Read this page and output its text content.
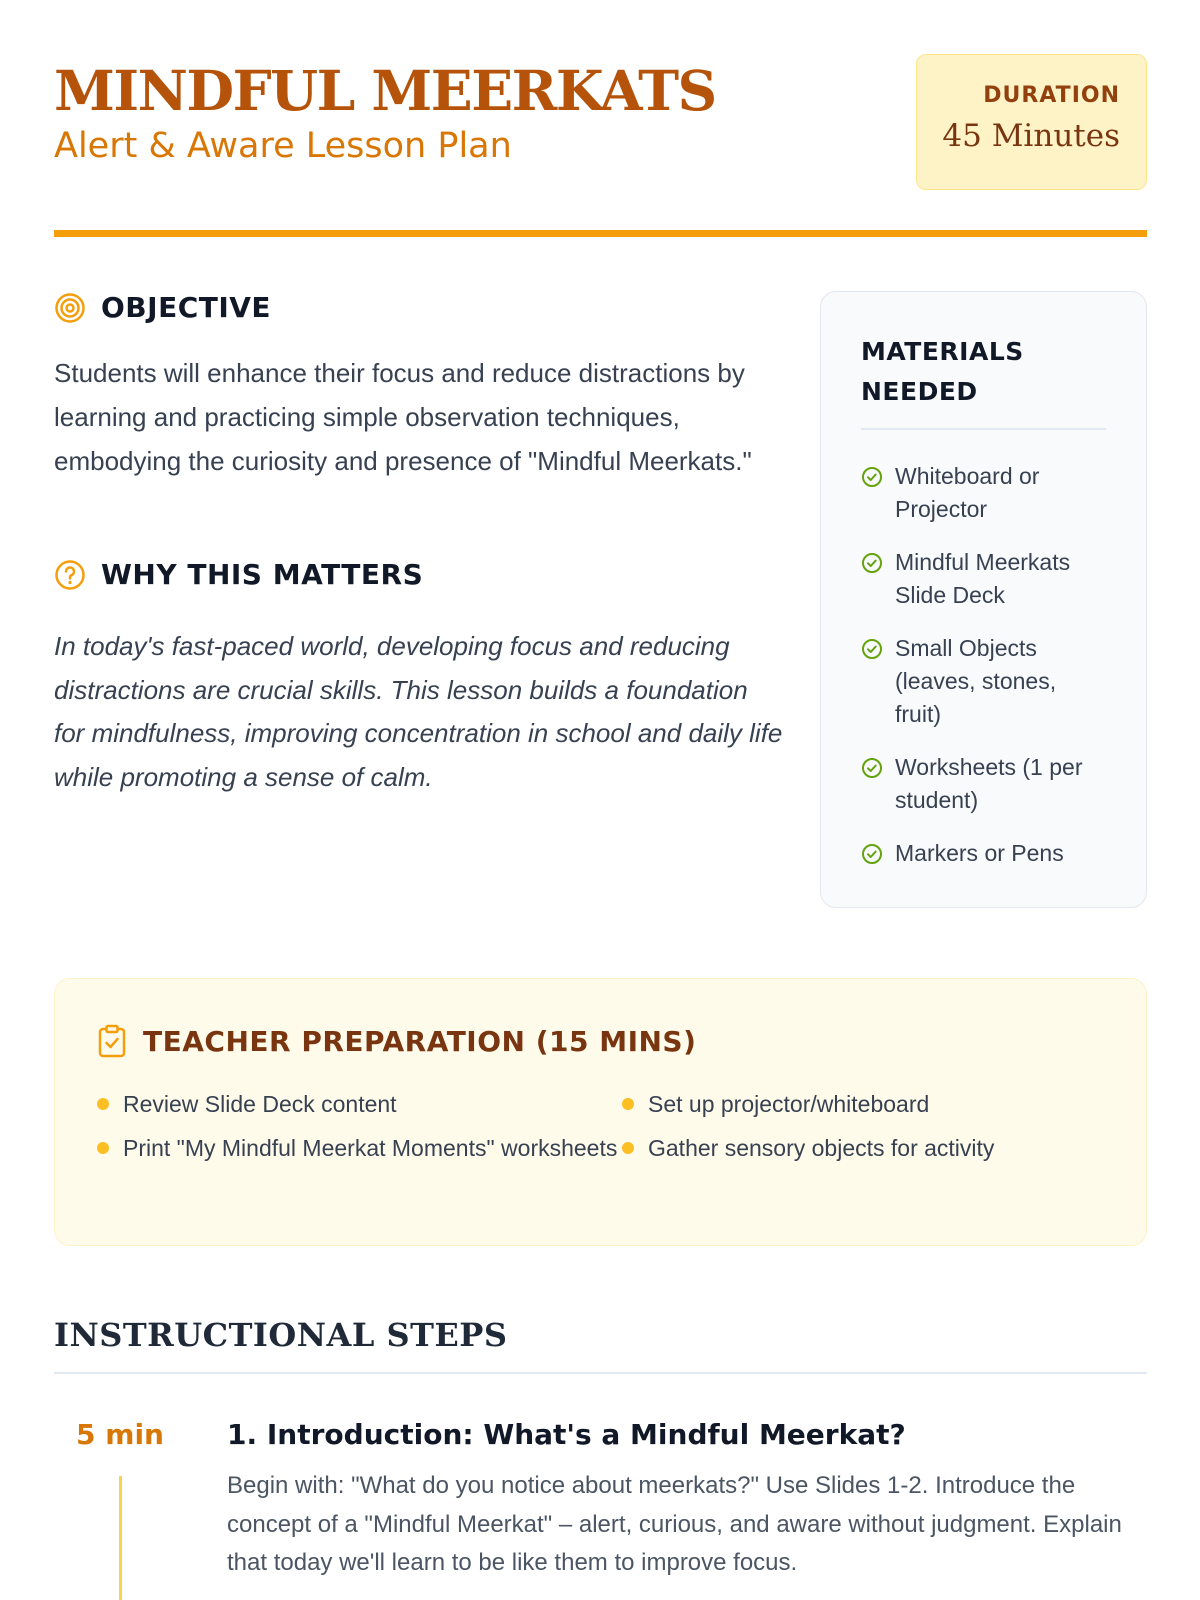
MINDFUL MEERKATS
Alert & Aware Lesson Plan
DURATION
45 Minutes
OBJECTIVE
Students will enhance their focus and reduce distractions by learning and practicing simple observation techniques, embodying the curiosity and presence of "Mindful Meerkats."
WHY THIS MATTERS
In today's fast-paced world, developing focus and reducing distractions are crucial skills. This lesson builds a foundation for mindfulness, improving concentration in school and daily life while promoting a sense of calm.
MATERIALS NEEDED
Whiteboard or Projector
Mindful Meerkats Slide Deck
Small Objects (leaves, stones, fruit)
Worksheets (1 per student)
Markers or Pens
TEACHER PREPARATION (15 MINS)
Review Slide Deck content	Set up projector/whiteboard
Print "My Mindful Meerkat Moments" worksheets Gather sensory objects for activity
INSTRUCTIONAL STEPS
5 min	1. Introduction: What's a Mindful Meerkat?
Begin with: "What do you notice about meerkats?" Use Slides 1-2. Introduce the concept of a "Mindful Meerkat" – alert, curious, and aware without judgment. Explain that today we'll learn to be like them to improve focus.
